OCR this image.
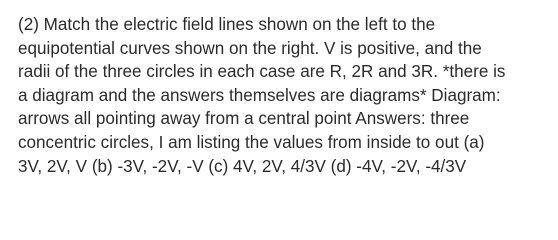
(2) Match the electric field lines shown on the left to the
equipotential curves shown on the right. V is positive, and the
radii of the three circles in each case are R, 2R and 3R. *there is
a diagram and the answers themselves are diagrams* Diagram:
arrows all pointing away from a central point Answers: three
concentric circles, I am listing the values from inside to out (a)
3V, 2V, V (b) -3V, -2V, -V (c) 4V, 2V, 4/3V (d) -4V, -2V, -4/3V
